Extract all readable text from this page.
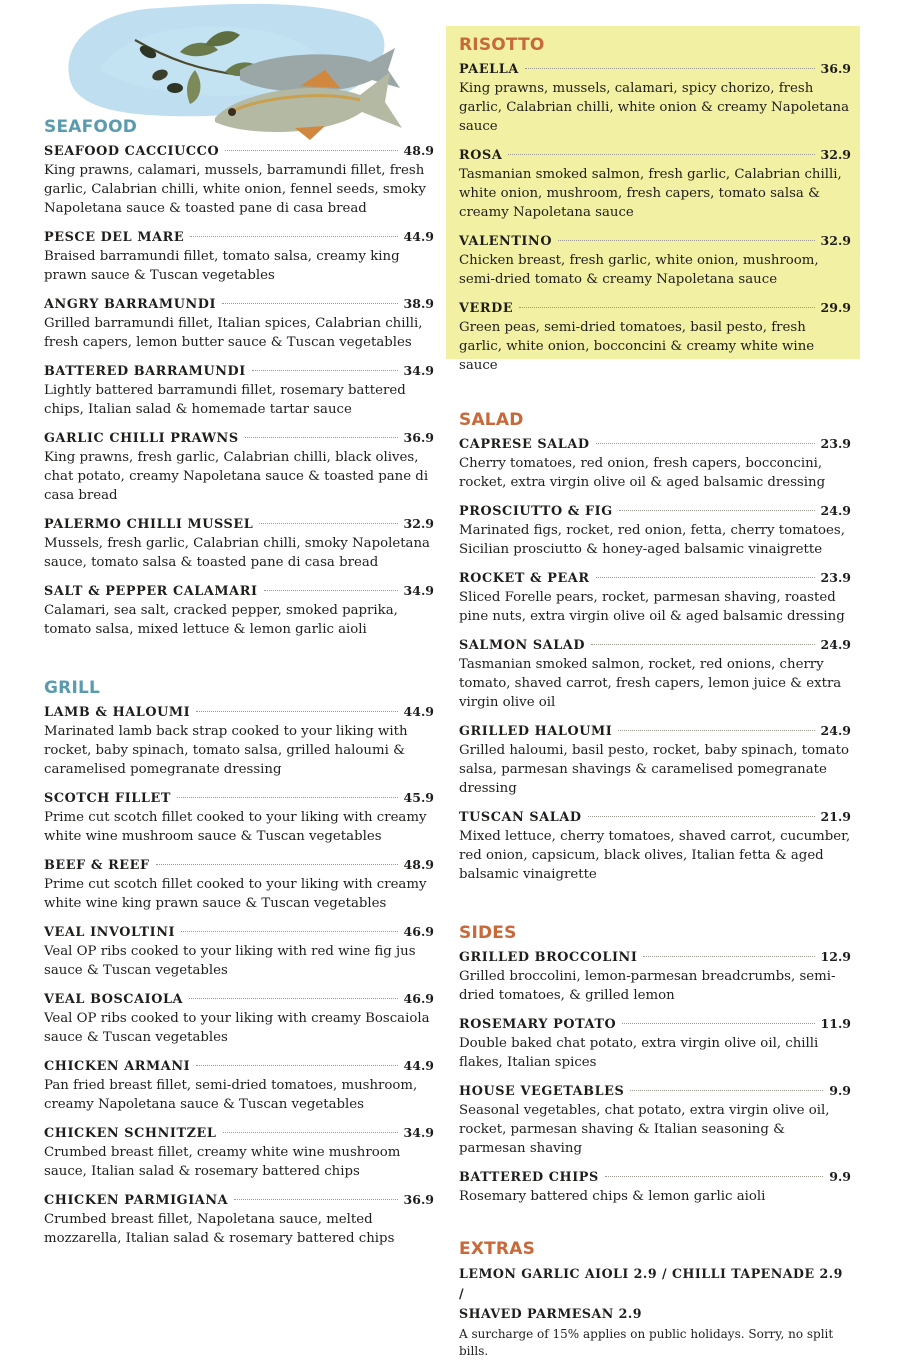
SEAFOOD
SEAFOOD CACCIUCCO	48.9

King prawns, calamari, mussels, barramundi fillet, fresh garlic, Calabrian chilli, white onion, fennel seeds, smoky Napoletana sauce & toasted pane di casa bread

PESCE DEL MARE	44.9

Braised barramundi fillet, tomato salsa, creamy king prawn sauce & Tuscan vegetables

ANGRY BARRAMUNDI	38.9

Grilled barramundi fillet, Italian spices, Calabrian chilli, fresh capers, lemon butter sauce & Tuscan vegetables

BATTERED BARRAMUNDI	34.9

Lightly battered barramundi fillet, rosemary battered chips, Italian salad & homemade tartar sauce

GARLIC CHILLI PRAWNS	36.9

King prawns, fresh garlic, Calabrian chilli, black olives, chat potato, creamy Napoletana sauce & toasted pane di casa bread

PALERMO CHILLI MUSSEL	32.9

Mussels, fresh garlic, Calabrian chilli, smoky Napoletana sauce, tomato salsa & toasted pane di casa bread

SALT & PEPPER CALAMARI	34.9

Calamari, sea salt, cracked pepper, smoked paprika, tomato salsa, mixed lettuce & lemon garlic aioli

GRILL
LAMB & HALOUMI	44.9

Marinated lamb back strap cooked to your liking with rocket, baby spinach, tomato salsa, grilled haloumi & caramelised pomegranate dressing

SCOTCH FILLET	45.9

Prime cut scotch fillet cooked to your liking with creamy white wine mushroom sauce & Tuscan vegetables

BEEF & REEF	48.9

Prime cut scotch fillet cooked to your liking with creamy white wine king prawn sauce & Tuscan vegetables

VEAL INVOLTINI	46.9

Veal OP ribs cooked to your liking with red wine fig jus sauce & Tuscan vegetables

VEAL BOSCAIOLA	46.9

Veal OP ribs cooked to your liking with creamy Boscaiola sauce & Tuscan vegetables

CHICKEN ARMANI	44.9

Pan fried breast fillet, semi-dried tomatoes, mushroom, creamy Napoletana sauce & Tuscan vegetables

CHICKEN SCHNITZEL	34.9

Crumbed breast fillet, creamy white wine mushroom sauce, Italian salad & rosemary battered chips

CHICKEN PARMIGIANA	36.9

Crumbed breast fillet, Napoletana sauce, melted mozzarella, Italian salad & rosemary battered chips

RISOTTO
PAELLA	36.9

King prawns, mussels, calamari, spicy chorizo, fresh garlic, Calabrian chilli, white onion & creamy Napoletana sauce

ROSA	32.9

Tasmanian smoked salmon, fresh garlic, Calabrian chilli, white onion, mushroom, fresh capers, tomato salsa & creamy Napoletana sauce

VALENTINO	32.9

Chicken breast, fresh garlic, white onion, mushroom, semi-dried tomato & creamy Napoletana sauce

VERDE	29.9

Green peas, semi-dried tomatoes, basil pesto, fresh garlic, white onion, bocconcini & creamy white wine sauce

SALAD
CAPRESE SALAD	23.9

Cherry tomatoes, red onion, fresh capers, bocconcini, rocket, extra virgin olive oil & aged balsamic dressing

PROSCIUTTO & FIG	24.9

Marinated figs, rocket, red onion, fetta, cherry tomatoes, Sicilian prosciutto & honey-aged balsamic vinaigrette

ROCKET & PEAR	23.9

Sliced Forelle pears, rocket, parmesan shaving, roasted pine nuts, extra virgin olive oil & aged balsamic dressing

SALMON SALAD	24.9

Tasmanian smoked salmon, rocket, red onions, cherry tomato, shaved carrot, fresh capers, lemon juice & extra virgin olive oil

GRILLED HALOUMI	24.9

Grilled haloumi, basil pesto, rocket, baby spinach, tomato salsa, parmesan shavings & caramelised pomegranate dressing

TUSCAN SALAD	21.9

Mixed lettuce, cherry tomatoes, shaved carrot, cucumber, red onion, capsicum, black olives, Italian fetta & aged balsamic vinaigrette

SIDES
GRILLED BROCCOLINI	12.9

Grilled broccolini, lemon-parmesan breadcrumbs, semi-dried tomatoes, & grilled lemon

ROSEMARY POTATO	11.9

Double baked chat potato, extra virgin olive oil, chilli flakes, Italian spices

HOUSE VEGETABLES	9.9

Seasonal vegetables, chat potato, extra virgin olive oil, rocket, parmesan shaving & Italian seasoning & parmesan shaving

BATTERED CHIPS	9.9

Rosemary battered chips & lemon garlic aioli

EXTRAS
LEMON GARLIC AIOLI 2.9 / CHILLI TAPENADE 2.9 /
SHAVED PARMESAN 2.9
A surcharge of 15% applies on public holidays. Sorry, no split bills.
